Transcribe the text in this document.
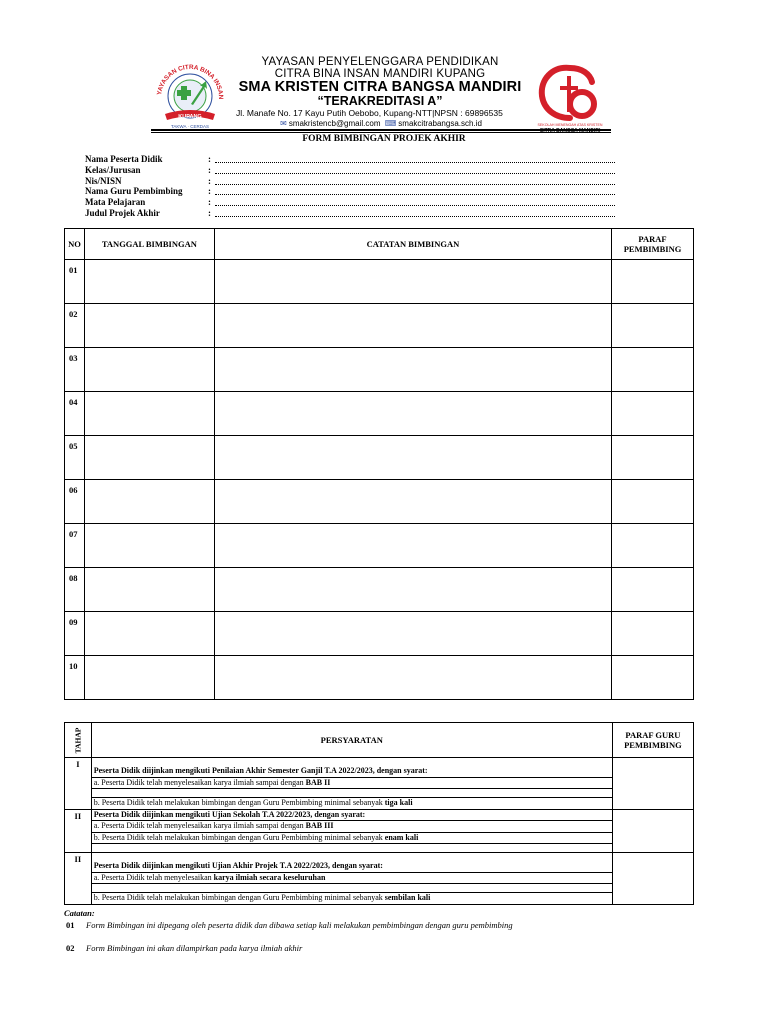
YAYASAN CITRA BINA INSAN
KUPANG
TAKWA · CERDAS
YAYASAN PENYELENGGARA PENDIDIKAN
CITRA BINA INSAN MANDIRI KUPANG
SMA KRISTEN CITRA BANGSA MANDIRI
“TERAKREDITASI A”
Jl. Manafe No. 17 Kayu Putih Oebobo, Kupang-NTT|NPSN : 69896535
✉ smakristencb@gmail.com ⌨ smakcitrabangsa.sch.id	SEKOLAH MENENGAH ATAS KRISTEN
CITRA BANGSA MANDIRI
FORM BIMBINGAN PROJEK AKHIR
Nama Peserta Didik	:
Kelas/Jurusan	:
Nis/NISN	:
Nama Guru Pembimbing	:
Mata Pelajaran	:
Judul Projek Akhir	:
NO	TANGGAL BIMBINGAN	CATATAN BIMBINGAN	PARAF
PEMBIMBING

01			
02			
03			
04			
05			
06			
07			
08			
09			
10			
TAHAP	PERSYARATAN	PARAF GURU
PEMBIMBING

I	Peserta Didik diijinkan mengikuti Penilaian Akhir Semester Ganjil T.A 2022/2023, dengan syarat:
a. Peserta Didik telah menyelesaikan karya ilmiah sampai dengan BAB II
b. Peserta Didik telah melakukan bimbingan dengan Guru Pembimbing minimal sebanyak tiga kali	

II	Peserta Didik diijinkan mengikuti Ujian Sekolah T.A 2022/2023, dengan syarat:
a. Peserta Didik telah menyelesaikan karya ilmiah sampai dengan BAB III
b. Peserta Didik telah melakukan bimbingan dengan Guru Pembimbing minimal sebanyak enam kali	

II	Peserta Didik diijinkan mengikuti Ujian Akhir Projek T.A 2022/2023, dengan syarat:
a. Peserta Didik telah menyelesaikan karya ilmiah secara keseluruhan
b. Peserta Didik telah melakukan bimbingan dengan Guru Pembimbing minimal sebanyak sembilan kali	

Catatan:
01 Form Bimbingan ini dipegang oleh peserta didik dan dibawa setiap kali melakukan pembimbingan dengan guru pembimbing
02 Form Bimbingan ini akan dilampirkan pada karya ilmiah akhir
